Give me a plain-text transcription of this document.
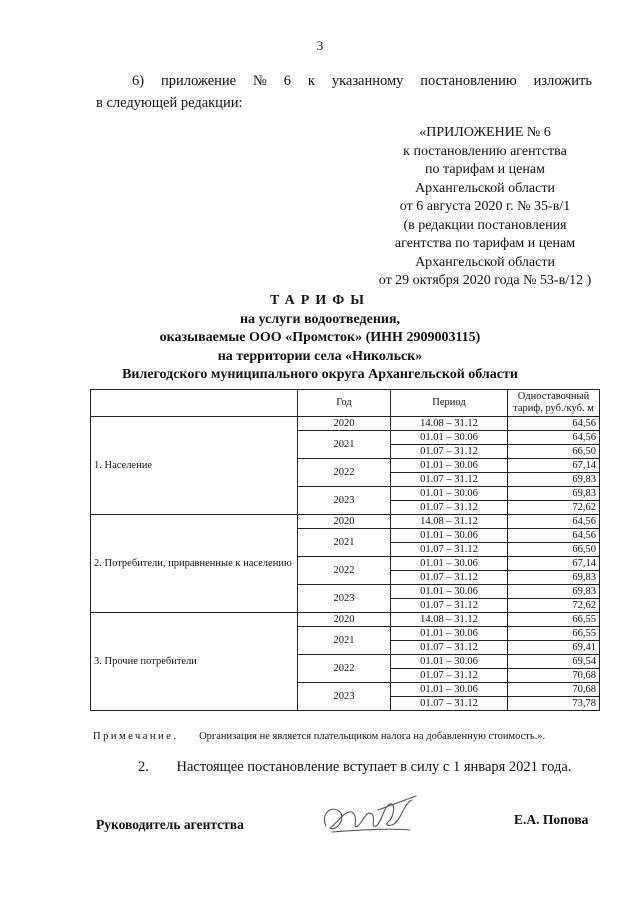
3
6) приложение № 6 к указанному постановлению изложить
в следующей редакции:
«ПРИЛОЖЕНИЕ № 6
к постановлению агентства
по тарифам и ценам
Архангельской области
от 6 августа 2020 г. № 35-в/1
(в редакции постановления
агентства по тарифам и ценам
Архангельской области
от 29 октября 2020 года № 53-в/12 )
ТАРИФЫ
на услуги водоотведения,
оказываемые ООО «Промсток» (ИНН 2909003115)
на территории села «Никольск»
Вилегодского муниципального округа Архангельской области
	Год	Период	Одноставочный тариф, руб./куб. м
1. Население	2020	14.08 – 31.12	64,56
	2021	01.01 – 30.06	64,56
		01.07 – 31.12	66,50
	2022	01.01 – 30.06	67,14
		01.07 – 31.12	69,83
	2023	01.01 – 30.06	69,83
		01.07 – 31.12	72,62
2. Потребители, приравненные к населению	2020	14.08 – 31.12	64,56
	2021	01.01 – 30.06	64,56
		01.07 – 31.12	66,50
	2022	01.01 – 30.06	67,14
		01.07 – 31.12	69,83
	2023	01.01 – 30.06	69,83
		01.07 – 31.12	72,62
3. Прочие потребители	2020	14.08 – 31.12	66,55
	2021	01.01 – 30.06	66,55
		01.07 – 31.12	69,41
	2022	01.01 – 30.06	69,54
		01.07 – 31.12	70,68
	2023	01.01 – 30.06	70,68
		01.07 – 31.12	73,78
Примечание. Организация не является плательщиком налога на добавленную стоимость.».
2. Настоящее постановление вступает в силу с 1 января 2021 года.
Руководитель агентства	Е.А. Попова
